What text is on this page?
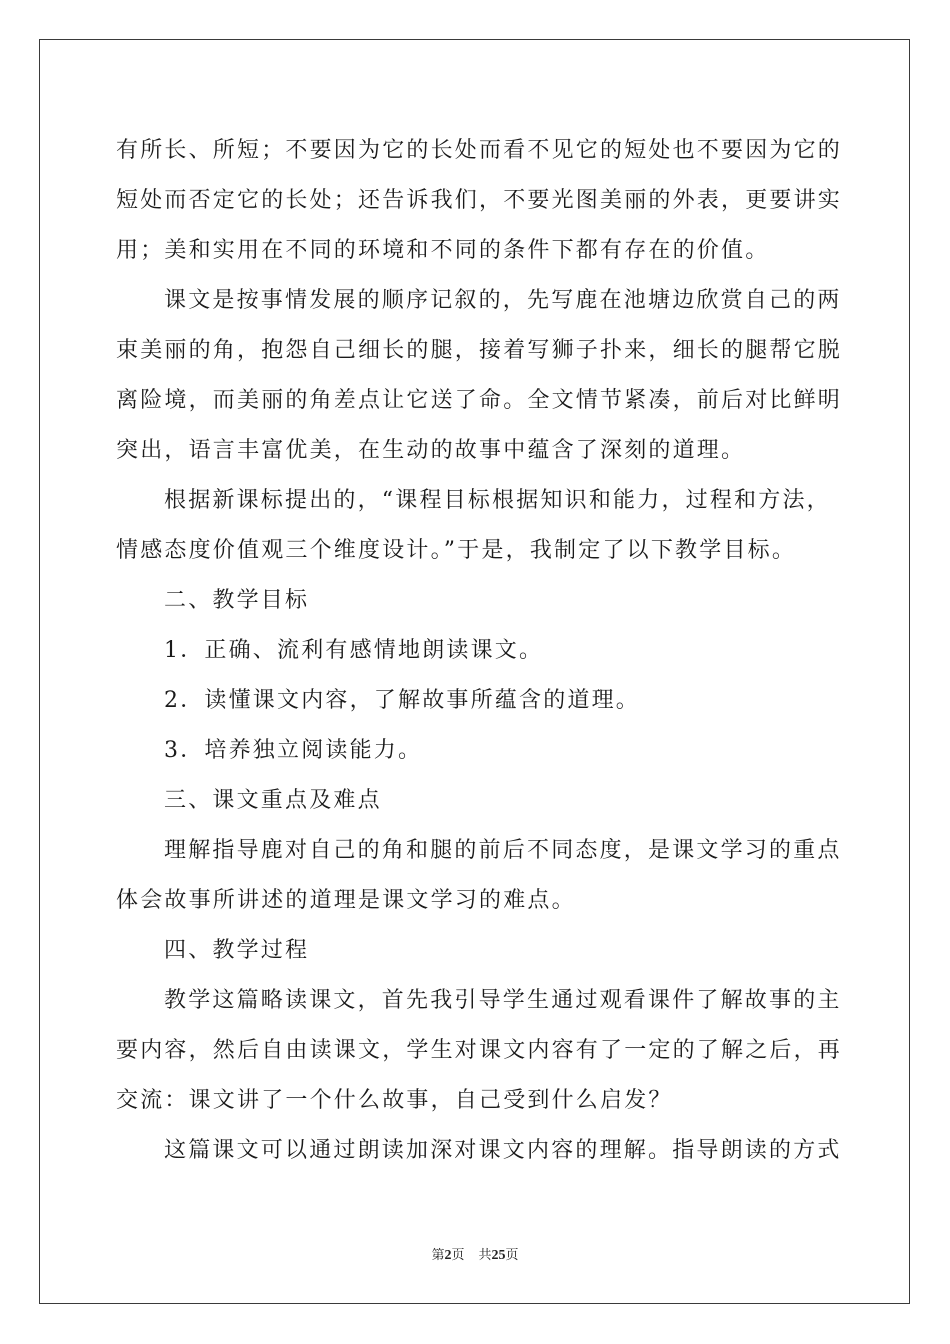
有所长、所短；不要因为它的长处而看不见它的短处也不要因为它的
短处而否定它的长处；还告诉我们，不要光图美丽的外表，更要讲实
用；美和实用在不同的环境和不同的条件下都有存在的价值。
课文是按事情发展的顺序记叙的，先写鹿在池塘边欣赏自己的两
束美丽的角，抱怨自己细长的腿，接着写狮子扑来，细长的腿帮它脱
离险境，而美丽的角差点让它送了命。全文情节紧凑，前后对比鲜明
突出，语言丰富优美，在生动的故事中蕴含了深刻的道理。
根据新课标提出的，“课程目标根据知识和能力，过程和方法，
情感态度价值观三个维度设计。”于是，我制定了以下教学目标。
二、教学目标
1．正确、流利有感情地朗读课文。
2．读懂课文内容，了解故事所蕴含的道理。
3．培养独立阅读能力。
三、课文重点及难点
理解指导鹿对自己的角和腿的前后不同态度，是课文学习的重点
体会故事所讲述的道理是课文学习的难点。
四、教学过程
教学这篇略读课文，首先我引导学生通过观看课件了解故事的主
要内容，然后自由读课文，学生对课文内容有了一定的了解之后，再
交流：课文讲了一个什么故事，自己受到什么启发？
这篇课文可以通过朗读加深对课文内容的理解。指导朗读的方式
第2页 共25页
